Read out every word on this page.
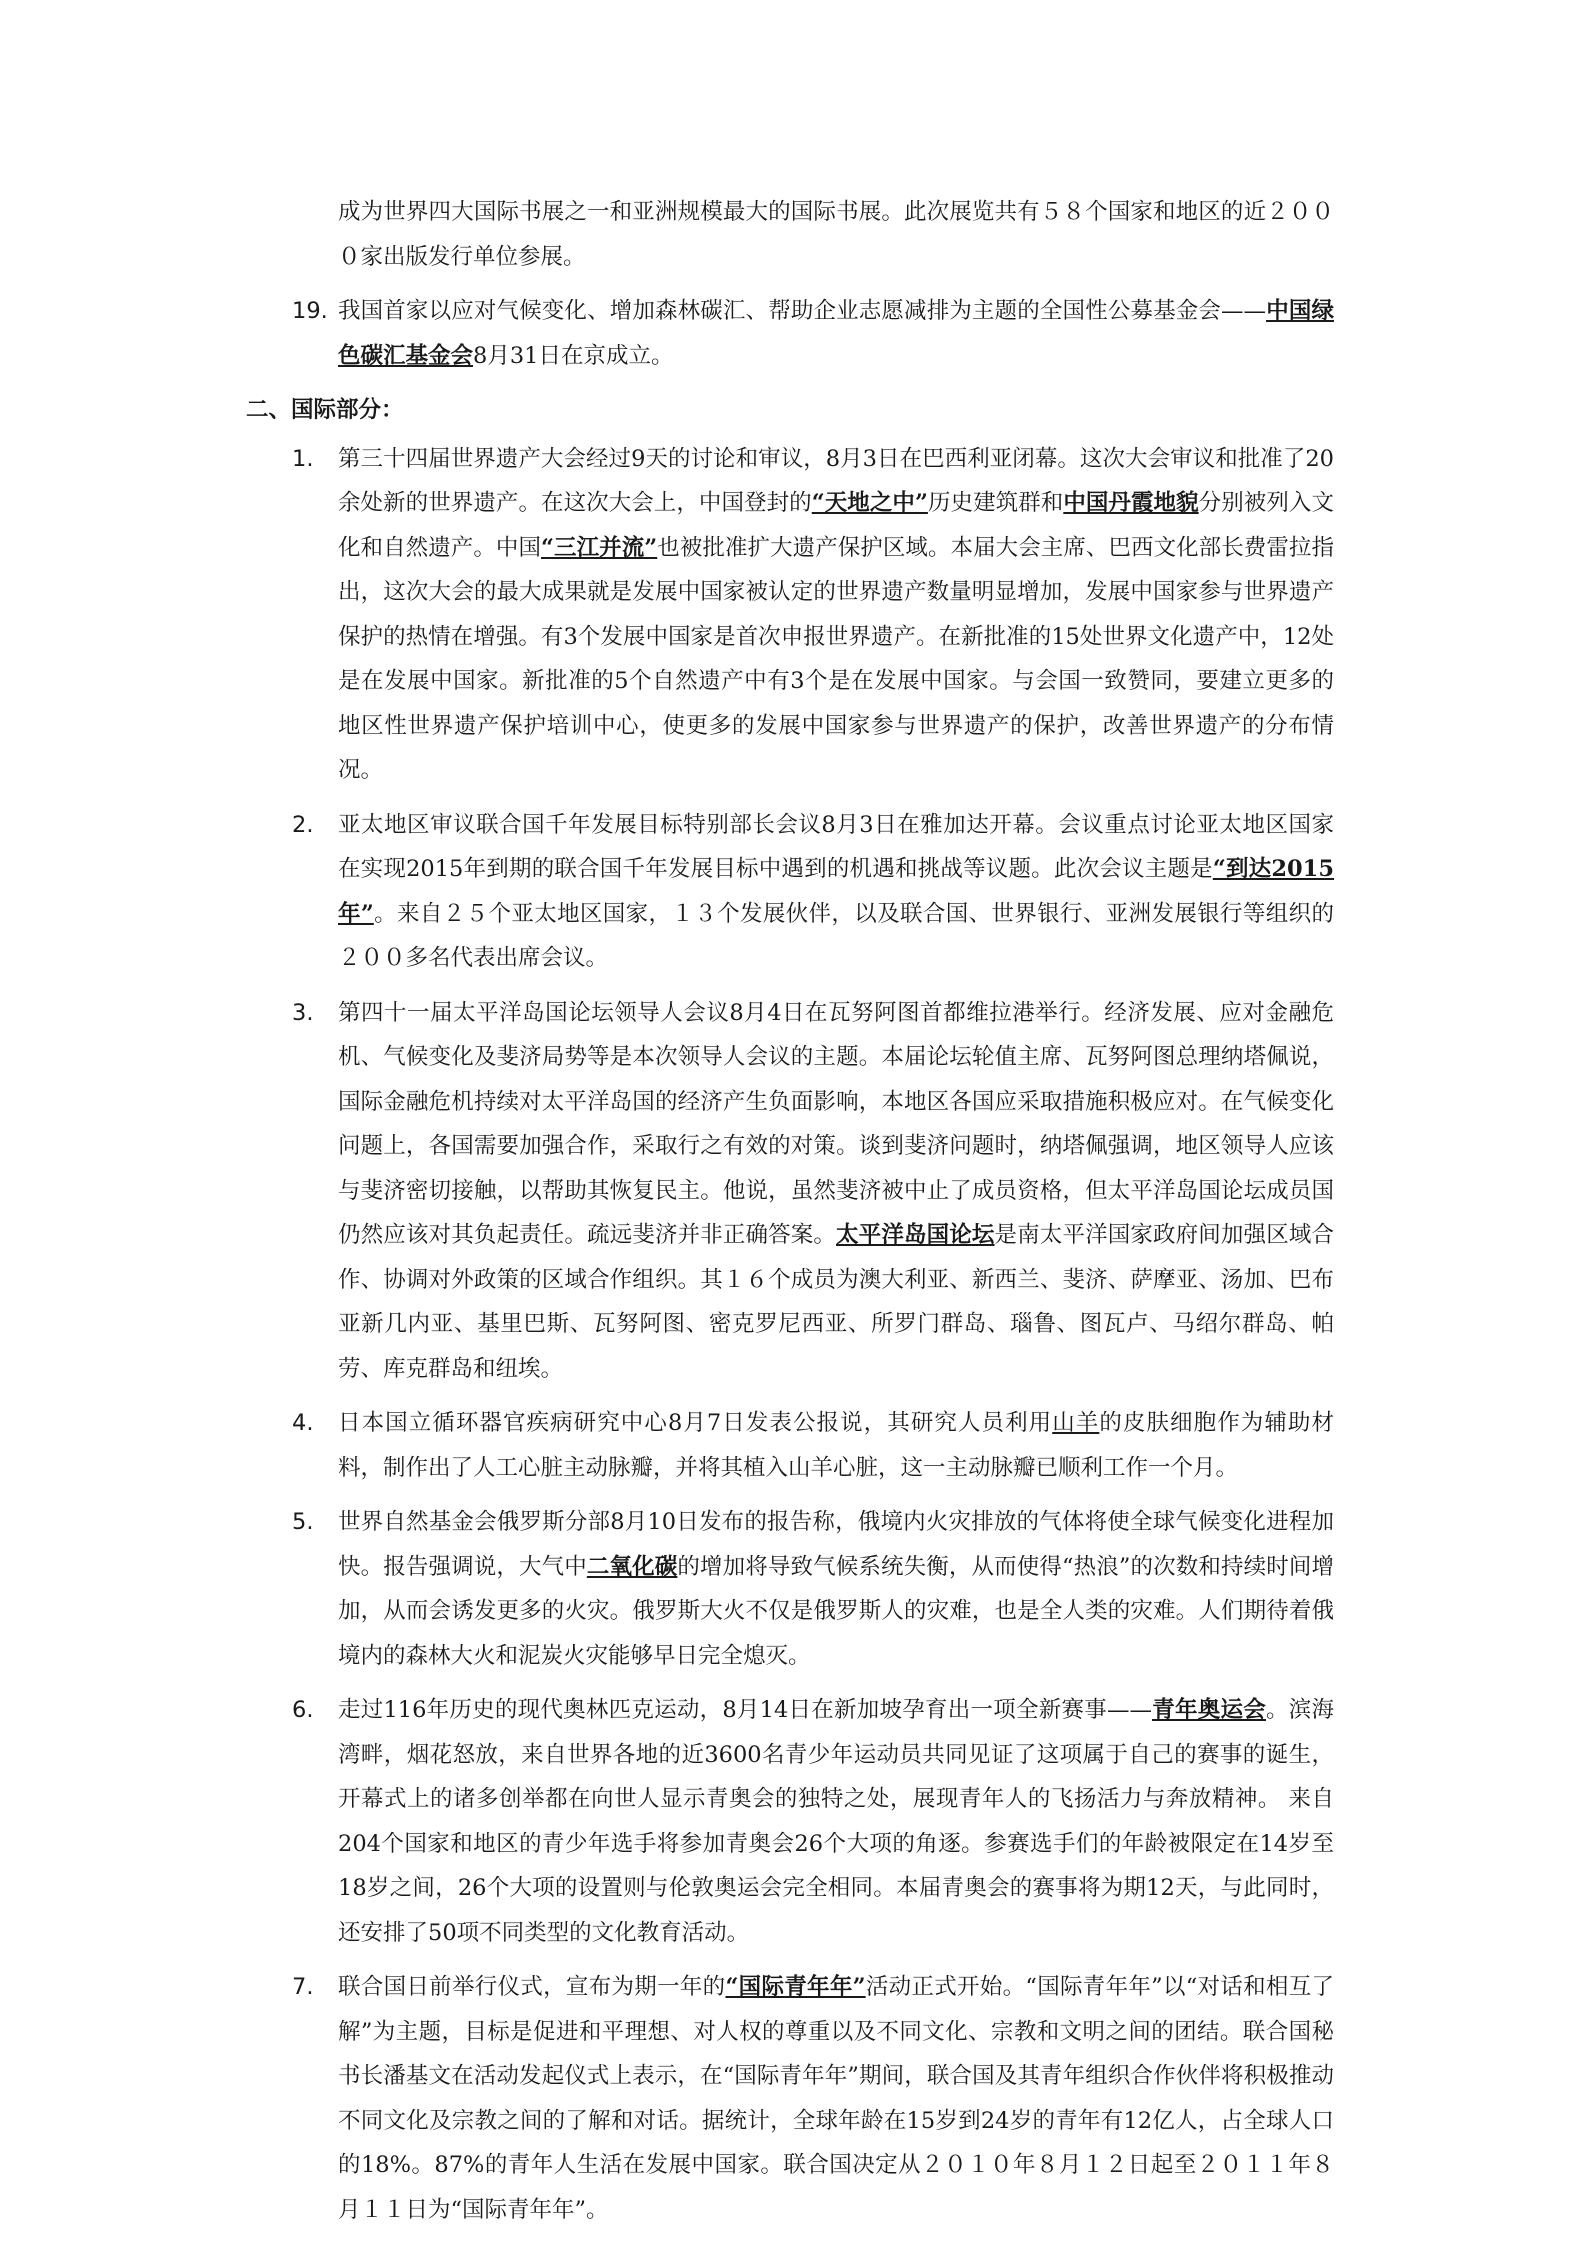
成为世界四大国际书展之一和亚洲规模最大的国际书展。此次展览共有５８个国家和地区的近２０００家出版发行单位参展。

19. 我国首家以应对气候变化、增加森林碳汇、帮助企业志愿减排为主题的全国性公募基金会——中国绿色碳汇基金会8月31日在京成立。

二、国际部分：
1.	第三十四届世界遗产大会经过9天的讨论和审议，8月3日在巴西利亚闭幕。这次大会审议和批准了20余处新的世界遗产。在这次大会上，中国登封的“天地之中”历史建筑群和中国丹霞地貌分别被列入文化和自然遗产。中国“三江并流”也被批准扩大遗产保护区域。本届大会主席、巴西文化部长费雷拉指出，这次大会的最大成果就是发展中国家被认定的世界遗产数量明显增加，发展中国家参与世界遗产保护的热情在增强。有3个发展中国家是首次申报世界遗产。在新批准的15处世界文化遗产中，12处是在发展中国家。新批准的5个自然遗产中有3个是在发展中国家。与会国一致赞同，要建立更多的地区性世界遗产保护培训中心，使更多的发展中国家参与世界遗产的保护，改善世界遗产的分布情况。

2.	亚太地区审议联合国千年发展目标特别部长会议8月3日在雅加达开幕。会议重点讨论亚太地区国家在实现2015年到期的联合国千年发展目标中遇到的机遇和挑战等议题。此次会议主题是“到达2015年”。来自２５个亚太地区国家，１３个发展伙伴，以及联合国、世界银行、亚洲发展银行等组织的２００多名代表出席会议。

3.	第四十一届太平洋岛国论坛领导人会议8月4日在瓦努阿图首都维拉港举行。经济发展、应对金融危机、气候变化及斐济局势等是本次领导人会议的主题。本届论坛轮值主席、瓦努阿图总理纳塔佩说，国际金融危机持续对太平洋岛国的经济产生负面影响，本地区各国应采取措施积极应对。在气候变化问题上，各国需要加强合作，采取行之有效的对策。谈到斐济问题时，纳塔佩强调，地区领导人应该与斐济密切接触，以帮助其恢复民主。他说，虽然斐济被中止了成员资格，但太平洋岛国论坛成员国仍然应该对其负起责任。疏远斐济并非正确答案。太平洋岛国论坛是南太平洋国家政府间加强区域合作、协调对外政策的区域合作组织。其１６个成员为澳大利亚、新西兰、斐济、萨摩亚、汤加、巴布亚新几内亚、基里巴斯、瓦努阿图、密克罗尼西亚、所罗门群岛、瑙鲁、图瓦卢、马绍尔群岛、帕劳、库克群岛和纽埃。

4.	日本国立循环器官疾病研究中心8月7日发表公报说，其研究人员利用山羊的皮肤细胞作为辅助材料，制作出了人工心脏主动脉瓣，并将其植入山羊心脏，这一主动脉瓣已顺利工作一个月。

5.	世界自然基金会俄罗斯分部8月10日发布的报告称，俄境内火灾排放的气体将使全球气候变化进程加快。报告强调说，大气中二氧化碳的增加将导致气候系统失衡，从而使得“热浪”的次数和持续时间增加，从而会诱发更多的火灾。俄罗斯大火不仅是俄罗斯人的灾难，也是全人类的灾难。人们期待着俄境内的森林大火和泥炭火灾能够早日完全熄灭。

6.	走过116年历史的现代奥林匹克运动，8月14日在新加坡孕育出一项全新赛事——青年奥运会。滨海湾畔，烟花怒放，来自世界各地的近3600名青少年运动员共同见证了这项属于自己的赛事的诞生，开幕式上的诸多创举都在向世人显示青奥会的独特之处，展现青年人的飞扬活力与奔放精神。 来自204个国家和地区的青少年选手将参加青奥会26个大项的角逐。参赛选手们的年龄被限定在14岁至18岁之间，26个大项的设置则与伦敦奥运会完全相同。本届青奥会的赛事将为期12天，与此同时，还安排了50项不同类型的文化教育活动。

7.	联合国日前举行仪式，宣布为期一年的“国际青年年”活动正式开始。“国际青年年”以“对话和相互了解”为主题，目标是促进和平理想、对人权的尊重以及不同文化、宗教和文明之间的团结。联合国秘书长潘基文在活动发起仪式上表示，在“国际青年年”期间，联合国及其青年组织合作伙伴将积极推动不同文化及宗教之间的了解和对话。据统计，全球年龄在15岁到24岁的青年有12亿人，占全球人口的18%。87%的青年人生活在发展中国家。联合国决定从２０１０年８月１２日起至２０１１年８月１１日为“国际青年年”。
